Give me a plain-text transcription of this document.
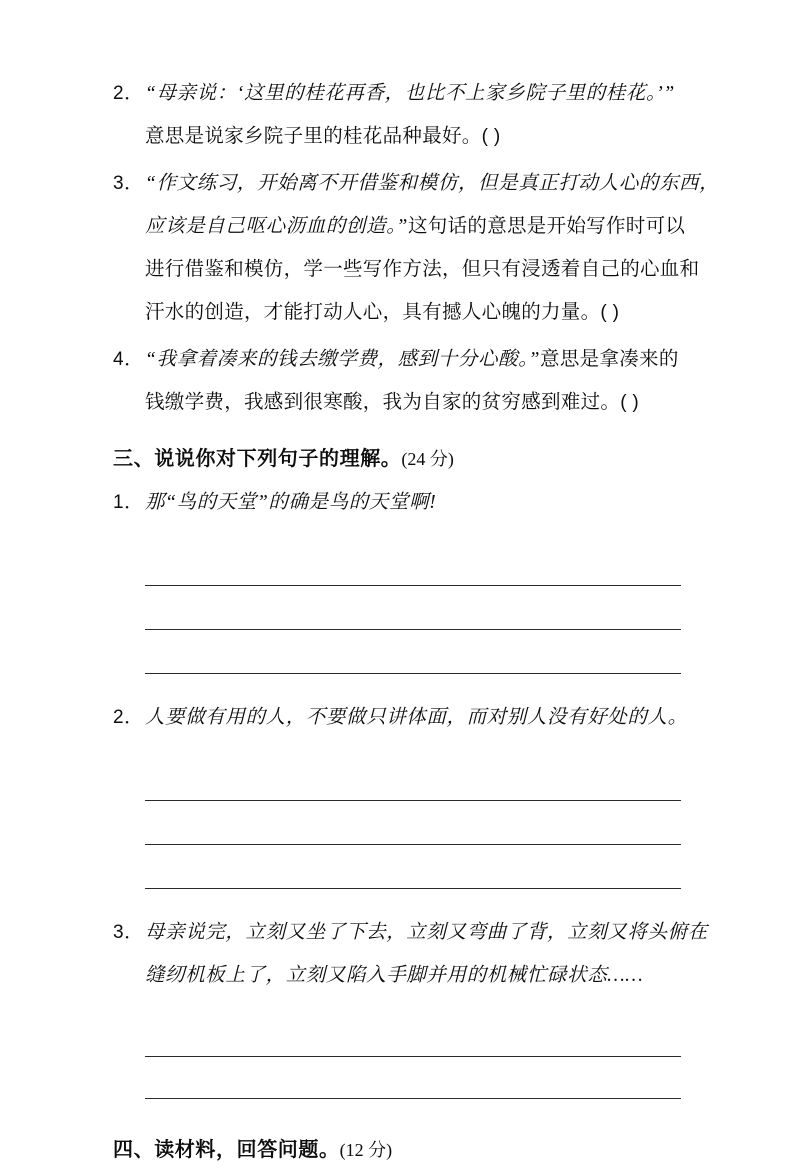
2． “母亲说：‘这里的桂花再香，也比不上家乡院子里的桂花。’”
意思是说家乡院子里的桂花品种最好。 ( )
3． “作文练习，开始离不开借鉴和模仿，但是真正打动人心的东西，
应该是自己呕心沥血的创造。” 这句话的意思是开始写作时可以
进行借鉴和模仿，学一些写作方法，但只有浸透着自己的心血和
汗水的创造，才能打动人心，具有撼人心魄的力量。 ( )
4． “我拿着凑来的钱去缴学费，感到十分心酸。” 意思是拿凑来的
钱缴学费，我感到很寒酸，我为自家的贫穷感到难过。 ( )
三、说说你对下列句子的理解。(24 分)
1． 那“鸟的天堂”的确是鸟的天堂啊!
2． 人要做有用的人，不要做只讲体面，而对别人没有好处的人。
3． 母亲说完，立刻又坐了下去，立刻又弯曲了背，立刻又将头俯在
缝纫机板上了，立刻又陷入手脚并用的机械忙碌状态……
四、读材料，回答问题。(12 分)
